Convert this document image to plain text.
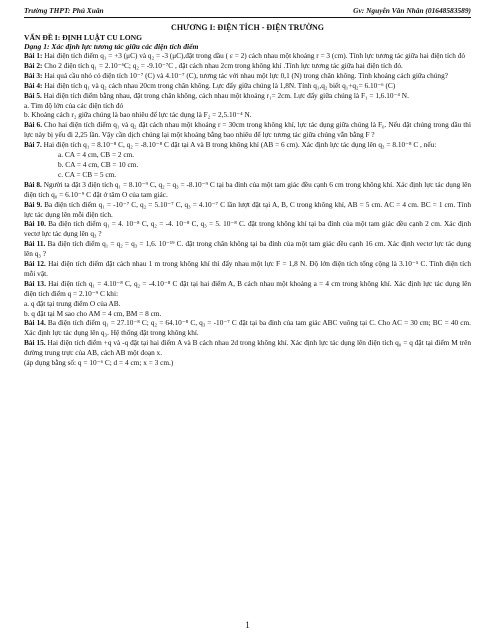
Trường THPT: Phú Xuân	Gv: Nguyễn Văn Nhân (01648583589)
CHƯƠNG I: ĐIỆN TÍCH - ĐIỆN TRƯỜNG
VẤN ĐỀ I: ĐỊNH LUẬT CU LONG
Dạng 1: Xác định lực tương tác giữa các điện tích điểm

Bài 1: Hai điện tích điểm q₁ = +3 (μC) và q₂ = -3 (μC),đặt trong dầu ( ε = 2) cách nhau một khoảng r = 3 (cm). Tính lực tương tác giữa hai điện tích đó

Bài 2: Cho 2 điện tích q₁ = 2.10⁻⁶C; q₂ = -9.10⁻⁷C , đặt cách nhau 2cm trong không khí .Tính lực tương tác giữa hai điện tích đó.

Bài 3: Hai quả cầu nhỏ có điện tích 10⁻⁷ (C) và 4.10⁻⁷ (C), tương tác với nhau một lực 0,1 (N) trong chân không. Tính khoảng cách giữa chúng?

Bài 4: Hai điện tích q₁ và q₂ cách nhau 20cm trong chân không. Lực đẩy giữa chúng là 1,8N. Tính q₁,q₂ biết q₁+q₂= 6.10⁻⁶ (C)

Bài 5. Hai điện tích điểm bằng nhau, đặt trong chân không, cách nhau một khoảng r₁= 2cm. Lực đẩy giữa chúng là F₁ = 1,6.10⁻⁴ N.

a. Tìm độ lớn của các điện tích đó

b. Khoảng cách r₂ giữa chúng là bao nhiêu để lực tác dụng là F₂ = 2,5.10⁻⁴ N.

Bài 6. Cho hai điện tích điểm q₁ và q₂ đặt cách nhau một khoảng r = 30cm trong không khí, lực tác dụng giữa chúng là F₀. Nếu đặt chúng trong dầu thì lực này bị yếu đi 2,25 lần. Vậy cần dịch chúng lại một khoảng bằng bao nhiêu để lực tương tác giữa chúng vẫn bằng F ?

Bài 7. Hai điện tích q₁ = 8.10⁻⁸ C, q₂ = -8.10⁻⁸ C đặt tại A và B trong không khí (AB = 6 cm). Xác định lực tác dụng lên q₃ = 8.10⁻⁸ C , nếu:

a. CA = 4 cm, CB = 2 cm.

b. CA = 4 cm, CB = 10 cm.

c. CA = CB = 5 cm.

Bài 8. Người ta đặt 3 điện tích q₁ = 8.10⁻⁹ C, q₂ = q₃ = -8.10⁻⁹ C tại ba đỉnh của một tam giác đều cạnh 6 cm trong không khí. Xác định lực tác dụng lên điện tích q₀ = 6.10⁻⁹ C đặt ở tâm O của tam giác.

Bài 9. Ba điện tích điểm q₁ = -10⁻⁷ C, q₂ = 5.10⁻⁷ C, q₃ = 4.10⁻⁷ C lần lượt đặt tại A, B, C trong không khí, AB = 5 cm. AC = 4 cm. BC = 1 cm. Tính lực tác dụng lên mỗi điện tích.

Bài 10. Ba điện tích điểm q₁ = 4. 10⁻⁸ C, q₂ = -4. 10⁻⁸ C, q₃ = 5. 10⁻⁸ C. đặt trong không khí tại ba đỉnh của một tam giác đều cạnh 2 cm. Xác định vectơ lực tác dụng lên q₃ ?

Bài 11. Ba điện tích điểm q₁ = q₂ = q₃ = 1,6. 10⁻¹⁹ C. đặt trong chân không tại ba đỉnh của một tam giác đều cạnh 16 cm. Xác định vectơ lực tác dụng lên q₃ ?

Bài 12. Hai điện tích điểm đặt cách nhau 1 m trong không khí thì đẩy nhau một lực F = 1,8 N. Độ lớn điện tích tổng cộng là 3.10⁻⁵ C. Tính điện tích mỗi vật.

Bài 13. Hai điện tích q₁ = 4.10⁻⁸ C, q₂ = -4.10⁻⁸ C đặt tại hai điểm A, B cách nhau một khoảng a = 4 cm trong không khí. Xác định lực tác dụng lên điện tích điểm q = 2.10⁻⁹ C khi:

a. q đặt tại trung điểm O của AB.

b. q đặt tại M sao cho AM = 4 cm, BM = 8 cm.

Bài 14. Ba điện tích điểm q₁ = 27.10⁻⁸ C; q₂ = 64.10⁻⁸ C, q₃ = -10⁻⁷ C đặt tại ba đỉnh của tam giác ABC vuông tại C. Cho AC = 30 cm; BC = 40 cm. Xác định lực tác dụng lên q₃. Hệ thống đặt trong không khí.

Bài 15. Hai điện tích điểm +q và -q đặt tại hai điểm A và B cách nhau 2d trong không khí. Xác định lực tác dụng lên điện tích q₀ = q đặt tại điểm M trên đường trung trực của AB, cách AB một đoạn x.

(áp dụng bằng số: q = 10⁻⁶ C; d = 4 cm; x = 3 cm.)

1
